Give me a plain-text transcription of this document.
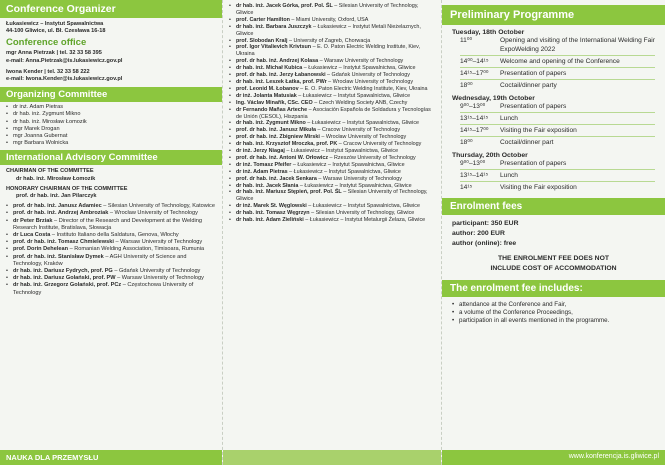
Conference Organizer
Łukasiewicz – Instytut Spawalnictwa
44-100 Gliwice, ul. Bł. Czesława 16-18
Conference office
mgr Anna Pietrzak | tel. 32 33 58 395
e-mail: Anna.Pietrzak@is.lukasiewicz.gov.pl
Iwona Kender | tel. 32 33 58 222
e-mail: Iwona.Kender@is.lukasiewicz.gov.pl
Organizing Committee
• dr inż. Adam Pietras
• dr hab. inż. Zygmunt Mikno
• dr hab. inż. Mirosław Łomozik
• mgr Marek Drogan
• mgr Joanna Gubernat
• mgr Barbara Wolnicka
International Advisory Committee
CHAIRMAN OF THE COMMITTEE
dr hab. inż. Mirosław Łomozik
HONORARY CHAIRMAN OF THE COMMITTEE
prof. dr hab. inż. Jan Pilarczyk
• prof. dr hab. inż. Janusz Adamiec – Silesian University of Technology, Katowice
• prof. dr hab. inż. Andrzej Ambroziak – Wrocław University of Technology
• dr Peter Brziak – Director of the Research and Development at the Welding Research Institute, Bratislava, Słowacja
• dr Luca Costa – Instituto Italiano della Saldatura, Genova, Włochy
• prof. dr hab. inż. Tomasz Chmielewski – Warsaw University of Technology
• prof. Dorin Dehelean – Romanian Welding Association, Timisoara, Rumunia
• prof. dr hab. inż. Stanisław Dymek – AGH University of Science and Technology, Kraków
• dr hab. inż. Dariusz Fydrych, prof. PG – Gdańsk University of Technology
• dr hab. inż. Dariusz Golański, prof. PW – Warsaw University of Technology
• dr hab. inż. Grzegorz Golański, prof. PCz – Częstochowa University of Technology
NAUKA DLA PRZEMYSŁU
• dr hab. inż. Jacek Górka, prof. Pol. ŚL – Silesian University of Technology, Gliwice
• prof. Carter Hamilton – Miami University, Oxford, USA
• dr hab. inż. Barbara Juszczyk – Łukasiewicz – Instytut Metali Nieżelaznych, Gliwice
• prof. Slobodan Kralj – University of Zagreb, Chorwacja
• prof. Igor Vitalievich Krivtsun – E. O. Paton Electric Welding Institute, Kiev, Ukraina
• prof. dr hab. inż. Andrzej Kolasa – Warsaw University of Technology
• dr hab. inż. Michał Kubica – Łukasiewicz – Instytut Spawalnictwa, Gliwice
• prof. dr hab. inż. Jerzy Łabanowski – Gdańsk University of Technology
• dr hab. inż. Leszek Łatka, prof. PWr – Wrocław University of Technology
• prof. Leonid M. Łobanov – E. O. Paton Electric Welding Institute, Kiev, Ukraina
• dr inż. Jolanta Matusiak – Łukasiewicz – Instytut Spawalnictwa, Gliwice
• Ing. Václav Minařík, CSc. CEO – Czech Welding Society ANB, Czechy
• dr Fernando Mañas Arteche – Asociación Española de Soldadura y Tecnologías de Unión (CESOL), Hiszpania
• dr hab. inż. Zygmunt Mikno – Łukasiewicz – Instytut Spawalnictwa, Gliwice
• prof. dr hab. inż. Janusz Mikuła – Cracow University of Technology
• prof. dr hab. inż. Zbigniew Mirski – Wrocław University of Technology
• dr hab. inż. Krzysztof Mroczka, prof. PK – Cracow University of Technology
• dr inż. Jerzy Niagaj – Łukasiewicz – Instytut Spawalnictwa, Gliwice
• prof. dr hab. inż. Antoni W. Orłowicz – Rzeszów University of Technology
• dr inż. Tomasz Pfeifer – Łukasiewicz – Instytut Spawalnictwa, Gliwice
• dr inż. Adam Pietras – Łukasiewicz – Instytut Spawalnictwa, Gliwice
• prof. dr hab. inż. Jacek Senkara – Warsaw University of Technology
• dr hab. inż. Jacek Słania – Łukasiewicz – Instytut Spawalnictwa, Gliwice
• dr hab. inż. Mariusz Stępień, prof. Pol. ŚL – Silesian University of Technology, Gliwice
• dr inż. Marek St. Węglowski – Łukasiewicz – Instytut Spawalnictwa, Gliwice
• dr hab. inż. Tomasz Węgrzyn – Silesian University of Technology, Gliwice
• dr hab. inż. Adam Zieliński – Łukasiewicz – Instytut Metalurgii Żelaza, Gliwice
Preliminary Programme
Tuesday, 18th October
11⁰⁰	Opening and visiting of the International Welding Fair ExpoWelding 2022
14⁰⁰–14¹⁵	Welcome and opening of the Conference
14¹⁵–17⁰⁰	Presentation of papers
18⁰⁰	Coctail/dinner party
Wednesday, 19th October
9⁰⁰–13⁰⁰	Presentation of papers
13¹⁵–14¹⁵	Lunch
14¹⁵–17⁰⁰	Visiting the Fair exposition
18⁰⁰	Coctail/dinner part
Thursday, 20th October
9⁰⁰–13⁰⁰	Presentation of papers
13¹⁵–14¹⁵	Lunch
14¹⁵	Visiting the Fair exposition
Enrolment fees
participant: 350 EUR
author: 200 EUR
author (online): free
THE ENROLMENT FEE DOES NOT
INCLUDE COST OF ACCOMMODATION
The enrolment fee includes:
• attendance at the Conference and Fair,
• a volume of the Conference Proceedings,
• participation in all events mentioned in the programme.
www.konferencja.is.gliwice.pl
